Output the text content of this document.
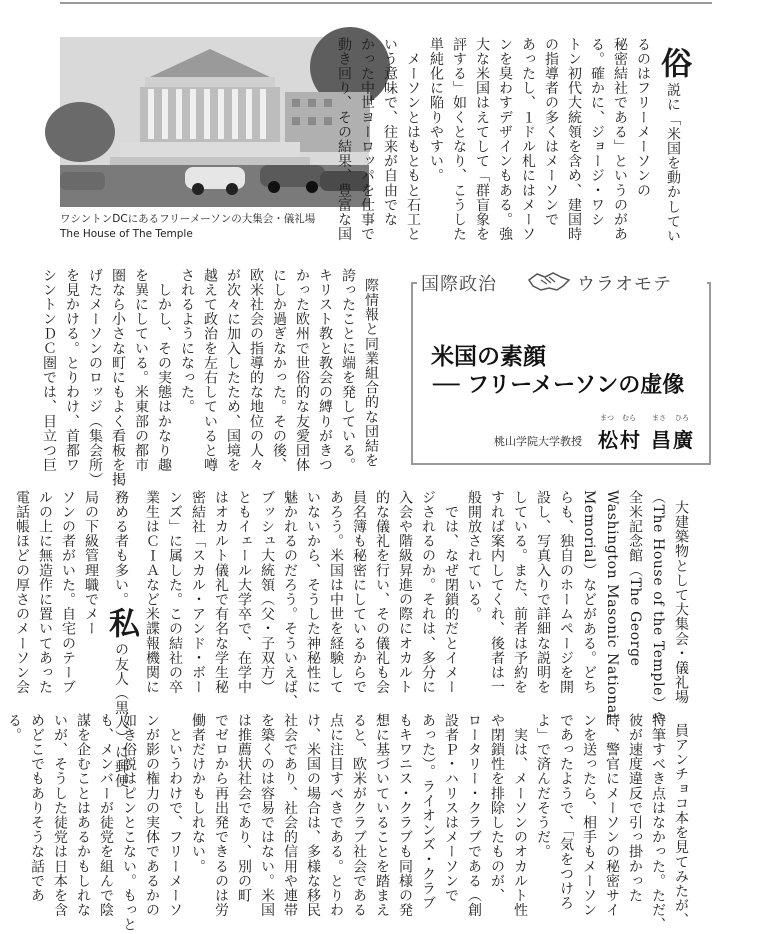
ワシントンDCにあるフリーメーソンの大集会・儀礼場
The House of The Temple

俗説に「米国を動かしてい
るのはフリーメーソンの
秘密結社である」というのがあ
る。確かに、ジョージ・ワシ
トン初代大統領を含め、建国時
の指導者の多くはメーソンで
あったし、１ドル札にはメーソ
ンを臭わすデザインもある。強
大な米国はえてして「群盲象を
評する」如くとなり、こうした
単純化に陥りやすい。
　メーソンとはもともと石工と
いう意味で、往来が自由でな
かった中世ヨーロッパを仕事で
動き回り、その結果、豊富な国

国際政治	ウラオモテ
米国の素顔
── フリーメーソンの虚像
まつ むら まさ ひろ
桃山学院大学教授 松村 昌廣

際情報と同業組合的な団結を
誇ったことに端を発している。
キリスト教と教会の縛りがきつ
かった欧州で世俗的な友愛団体
にしか過ぎなかった。その後、
欧米社会の指導的な地位の人々
が次々に加入したため、国境を
越えて政治を左右していると噂
されるようになった。
　しかし、その実態はかなり趣
を異にしている。米東部の都市
圏なら小さな町にもよく看板を掲
げたメーソンのロッジ（集会所）
を見かける。とりわけ、首都ワ
シントンＤＣ圏では、目立つ巨

大建築物として大集会・儀礼場
（The House of the Temple）や
全米記念館（The George
Washington Masonic National
Memorial）などがある。どち
らも、独自のホームページを開
設し、写真入りで詳細な説明を
している。また、前者は予約を
すれば案内してくれ、後者は一
般開放されている。
　では、なぜ閉鎖的だとイメー
ジされるのか。それは、多分に
入会や階級昇進の際にオカルト
的な儀礼を行い、その儀礼も会
員名簿も秘密にしているからで
あろう。米国は中世を経験して
いないから、そうした神秘性に
魅かれるのだろう。そういえば、
ブッシュ大統領（父・子双方）
ともイェール大学卒で、在学中
はオカルト儀礼で有名な学生秘
密結社「スカル・アンド・ボー
ンズ」に属した。この結社の卒
業生はＣＩＡなど米諜報機関に
務める者も多い。私の友人（黒人）に郵便
局の下級管理職でメー
ソンの者がいた。自宅のテーブ
ルの上に無造作に置いてあった
電話帳ほどの厚さのメーソン会

員アンチョコ本を見てみたが、
特筆すべき点はなかった。ただ、
彼が速度違反で引っ掛かった
時、警官にメーソンの秘密サイ
ンを送ったら、相手もメーソン
であったようで、「気をつけろ
よ」で済んだそうだ。
　実は、メーソンのオカルト性
や閉鎖性を排除したものが、
ロータリー・クラブである（創
設者Ｐ・ハリスはメーソンで
あった）。ライオンズ・クラブ
もキワニス・クラブも同様の発
想に基づいていることを踏まえ
ると、欧米がクラブ社会である
点に注目すべきである。とりわ
け、米国の場合は、多様な移民
社会であり、社会的信用や連帯
を築くのは容易ではない。米国
は推薦状社会であり、別の町
でゼロから再出発できるのは労
働者だけかもしれない。
　というわけで、フリーメーソ
ンが影の権力の実体であるかの
如き俗説はピンとこない。もっと
も、メンバーが徒党を組んで陰
謀を企むことはあるかもしれな
いが、そうした徒党は日本を含
めどこでもありそうな話であ
る。
